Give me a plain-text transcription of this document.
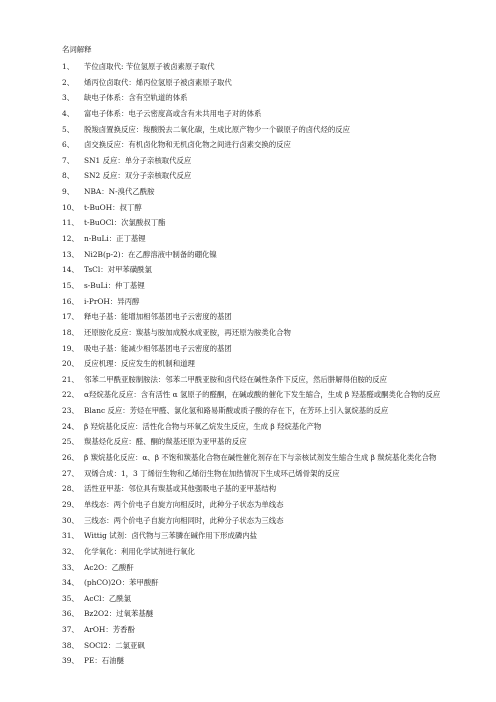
名词解释
1、 苄位卤取代: 苄位氢原子被卤素原子取代
2、 烯丙位卤取代：烯丙位氢原子被卤素原子取代
3、 缺电子体系：含有空轨道的体系
4、 富电子体系：电子云密度高或含有未共用电子对的体系
5、 脱羧卤置换反应：羧酸脱去二氧化碳，生成比原产物少一个碳原子的卤代烃的反应
6、 卤交换反应：有机卤化物和无机卤化物之间进行卤素交换的反应
7、 SN1 反应：单分子亲核取代反应
8、 SN2 反应：双分子亲核取代反应
9、 NBA：N-溴代乙酰胺
10、 t-BuOH：叔丁醇
11、 t-BuOCl：次氯酸叔丁酯
12、 n-BuLi：正丁基锂
13、 Ni2B(p-2)：在乙醇溶液中制备的硼化镍
14、 TsCl：对甲苯磺酰氯
15、 s-BuLi：仲丁基锂
16、 i-PrOH：异丙醇
17、 释电子基：能增加相邻基团电子云密度的基团
18、 还原胺化反应：羰基与胺加成脱水成亚胺，再还原为胺类化合物
19、 吸电子基：能减少相邻基团电子云密度的基团
20、 反应机理：反应发生的机制和道理
21、 邻苯二甲酰亚胺制胺法：邻苯二甲酰亚胺和卤代烃在碱性条件下反应，然后肼解得伯胺的反应
22、 α羟烷基化反应：含有活性 α 氢原子的醛酮，在碱或酸的催化下发生缩合，生成 β 羟基醛或酮类化合物的反应
23、 Blanc 反应：芳烃在甲醛、氯化氢和路易斯酸或质子酸的存在下，在芳环上引入氯烷基的反应
24、 β 羟烷基化反应：活性化合物与环氧乙烷发生反应，生成 β 羟烷基化产物
25、 羰基烃化反应：醛、酮的羰基还原为亚甲基的反应
26、 β 羰烷基化反应：α、β 不饱和羰基化合物在碱性催化剂存在下与亲核试剂发生缩合生成 β 羰烷基化类化合物
27、 双烯合成：1，3 丁烯衍生物和乙烯衍生物在加热情况下生成环己烯骨架的反应
28、 活性亚甲基：邻位具有羰基或其他强吸电子基的亚甲基结构
29、 单线态：两个价电子自旋方向相反时，此种分子状态为单线态
30、 三线态：两个价电子自旋方向相同时，此种分子状态为三线态
31、 Wittig 试剂：卤代物与三苯膦在碱作用下形成磷内盐
32、 化学氧化：利用化学试剂进行氧化
33、 Ac2O：乙酸酐
34、 (phCO)2O：苯甲酸酐
35、 AcCl：乙酰氯
36、 Bz2O2：过氧苯基醚
37、 ArOH：芳香酚
38、 SOCl2：二氯亚砜
39、 PE：石油醚
